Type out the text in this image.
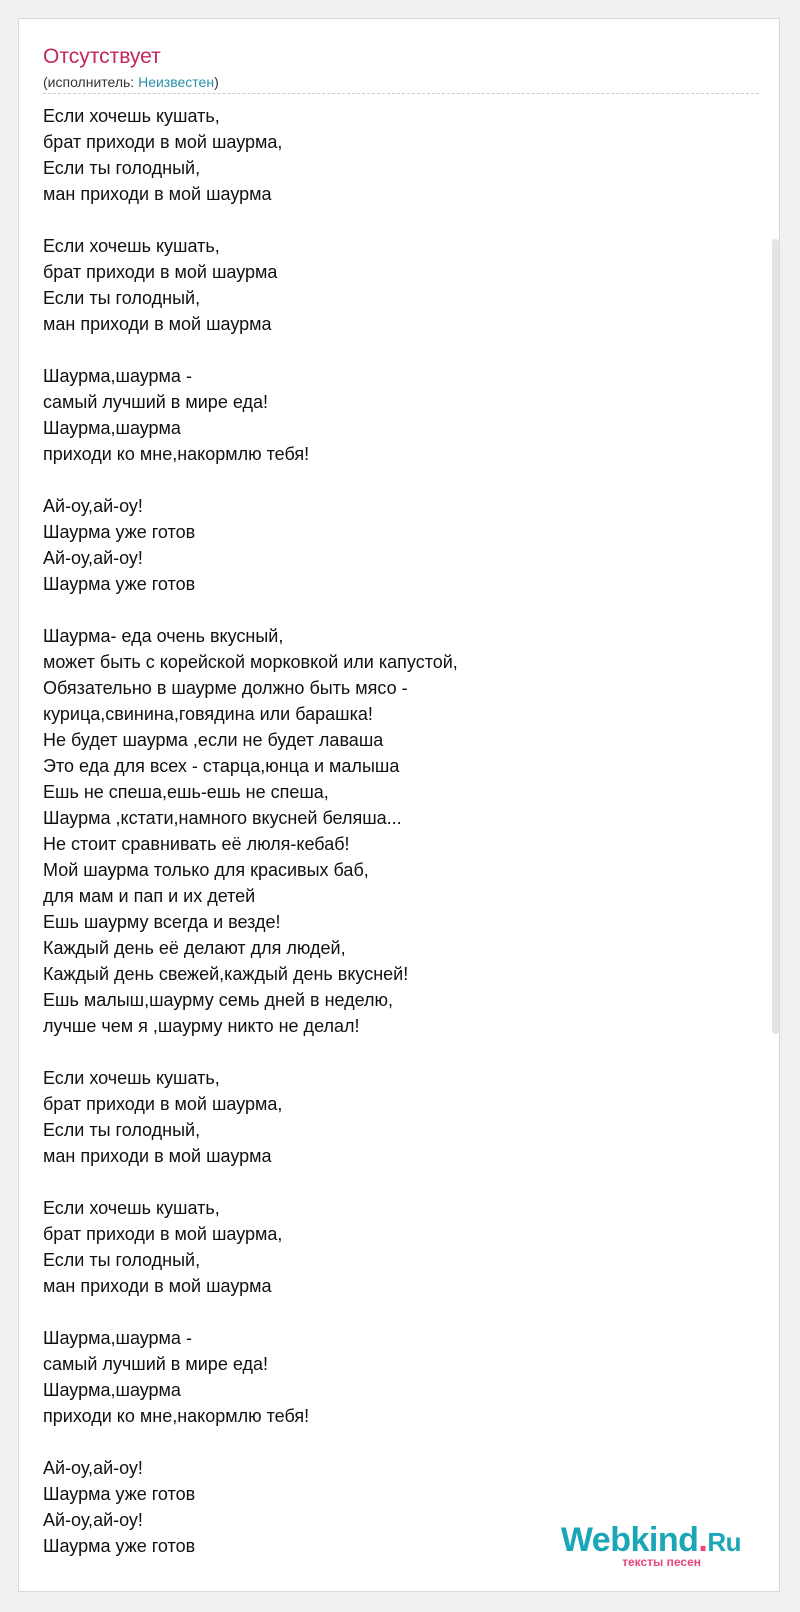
Отсутствует
(исполнитель: Неизвестен)
Если хочешь кушать,
брат приходи в мой шаурма,
Если ты голодный,
ман приходи в мой шаурма
Если хочешь кушать,
брат приходи в мой шаурма
Если ты голодный,
ман приходи в мой шаурма
Шаурма,шаурма -
самый лучший в мире еда!
Шаурма,шаурма
приходи ко мне,накормлю тебя!
Ай-оу,ай-оу!
Шаурма уже готов
Ай-оу,ай-оу!
Шаурма уже готов
Шаурма- еда очень вкусный,
может быть с корейской морковкой или капустой,
Обязательно в шаурме должно быть мясо -
курица,свинина,говядина или барашка!
Не будет шаурма ,если не будет лаваша
Это еда для всех - старца,юнца и малыша
Ешь не спеша,ешь-ешь не спеша,
Шаурма ,кстати,намного вкусней беляша...
Не стоит сравнивать её люля-кебаб!
Мой шаурма только для красивых баб,
для мам и пап и их детей
Ешь шаурму всегда и везде!
Каждый день её делают для людей,
Каждый день свежей,каждый день вкусней!
Ешь малыш,шаурму семь дней в неделю,
лучше чем я ,шаурму никто не делал!
Если хочешь кушать,
брат приходи в мой шаурма,
Если ты голодный,
ман приходи в мой шаурма
Если хочешь кушать,
брат приходи в мой шаурма,
Если ты голодный,
ман приходи в мой шаурма
Шаурма,шаурма -
самый лучший в мире еда!
Шаурма,шаурма
приходи ко мне,накормлю тебя!
Ай-оу,ай-оу!
Шаурма уже готов
Ай-оу,ай-оу!
Шаурма уже готов	Webkind.Ru
тексты песен
